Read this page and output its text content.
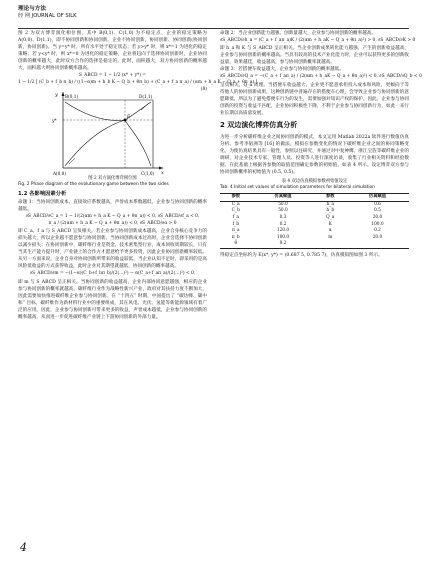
理论与方法
经 网 JOURNAL OF SILK

图 2 为双方博弈演化相位图，其中 B(0,1)、C(1,0) 为不稳定点，企业的稳定策略为 A(0,0)、D(1,1)，即不协同创新和协同创新，企业不协同创新，协同创新、协同创新(协同创新，协同创新)。当 y=y* 时，所有水平处于稳定状态；若 y>y* 时，则 x*=1 为进化的稳定策略；若 y<y* 时，则 x*=0 为进化的稳定策略，企业将趋向于选择协同创新时，企业协同创新的概率越大，此时双方合作的选择是稳定的。此时，面积越大，双方协同创新的概率越大，面积越大则协同创新概率越高。

S_ABCD = 1 − 1/2 (x* + y*) =
1 − 1/2 [ (C_b + f_b π_b) / ((1−α)m + h_b K − Q_b + θπ_b) + (C_a + f_a π_a) / (αm + h_a K − Q_a + θπ_a) ]
(8)
y
x
y*
B(0,1)	D(1,1)
A(0,0)	C(1,0)
E
图 2 双方演化博弈相位图
Fig. 2 Phase diagram of the evolutionary game between the two sides
1.2 各影响因素分析

命题 1：当协同创新成本、直接效应系数越高，声誉成本系数越低，企业参与协同创新的概率越低。

∂S_ABCD/∂C_a = 1 − 1/(2(αm + h_a K − Q_a + θπ_a)) < 0, ∂S_ABCD/∂f_a < 0,
π_a / (2(αm + h_a K − Q_a + θπ_a)) < 0, ∂S_ABCD/∂α > 0

即 C_a、f_a 与 S_ABCD 呈负相关。若企业参与协同创新成本越高，企业自身核心竞争力的损失越大，所以企业越不愿意参与协同创新。当协同创新成本过高时，企业会选择不协同创新以减少损失；在协同创新中，碳纤维行业是资金、技术密集型行业，成本回收周期较长，只有当其生产能力提升时，产业链上的合作方才愿意给予更多投资，因此企业协同创新概率较低。从另一方面来说，企业自身对协同创新所带来的收益较低，当企业认知不足时，即采用的是高风险低收益的方式获得收益，此时企业对其期望就越低，协同创新的概率越高。

∂S_ABCD/∂m = −(1−α)(C_b+f_bπ_b)/(2(...)²) − α(C_a+f_aπ_a)/(2(...)²) < 0,

即 m 与 S_ABCD 呈正相关。当协同创新的收益越高，企业内部协同意愿越强，相应的企业参与协同创新的概率就越高，碳纤维行业作为战略性新兴产业，政府对其扶持力度不断加大，因此需要加快推进碳纤维企业参与协同创新。在 “十四五” 时期，中国提出了 “碳达峰、碳中和” 目标，碳纤维作为新材料行业中的重要组成，其在风电、光伏、氢能等新能源领域有着广泛的应用。因此，企业参与协同创新可带来更多的收益，声誉成本越低，企业参与协同创新的概率越高，从而进一步促进碳纤维产业链上下游协同创新的外部力量。

命题 2：当企业创新能力越强、创新量越大，企业参与协同创新的概率越高。

∂S_ABCD/∂h_a = (C_a + f_aπ_a)K / (2(αm + h_aK − Q_a + θπ_a)²) > 0, ∂S_ABCD/∂K > 0

即 h_a 和 K 与 S_ABCD 呈正相关。当企业创新成果转化能力越强，产生的创新收益越高，企业参与协同创新的概率越高。当具有较高的技术产业化能力时，企业可以获得更多的创新收益量，效果越佳，收益越高，参与协同创新概率就越高。

命题 3：若搭便车收益越大，企业参与协同创新的概率越低。

∂S_ABCD/∂Q_a = −(C_a + f_aπ_a) / (2(αm + h_aK − Q_a + θπ_a)²) < 0, ∂S_ABCD/∂Q_b < 0

呈负相关，Q_a 同理。当搭便车收益越大，企业更不愿意承担投入成本和风险，更倾向于等待他人的协同创新成果，这种创新链中普遍存在的搭便车心理，会导致企业参与协同创新的意愿降低，所以为了避免搭便车行为的发生，需要加强对知识产权的保护。因此，企业参与协同创新的投资与收益不匹配，企业协同积极性下降，不利于企业参与协同创新行为，如此一来行业长期以高质量发展。

2 双边演化博弈仿真分析

为进一步分析碳纤维企业之间协同创新的模式，本文运用 Matlab 2022a 软件进行数值仿真分析。参考李韬洲等 [16] 的做法，模拟在参数变化的情况下碳纤维企业之间的协同策略变化。为使仿真结果具有一般性，参照以往研究，并通过对中复神鹰、浙江宝旌等碳纤维企业的调研，对企业技术专家、管理人员、投资等人进行深度访谈，收集了行业相关资料和经验数据，在此基础上根据各参数的取值范围确定参数的初始值，如表 4 所示。设定博弈双方参与协同创新概率的初始值为 (0.5, 0.5)。

表 4 双边仿真模拟参数初始值设定
Tab. 4 Initial set values of simulation parameters for bilateral simulation
参数	仿真赋值	参数	仿真赋值
C_a	50.0	h_a	0.6
C_b	50.0	h_b	0.5
f_a	0.3	Q_a	20.0
f_b	0.2	K	100.0
π_a	120.0	α	0.2
π_b	100.0	m	20.0
θ	0.2		

得稳定点坐标约为 E(x*, y*) = (0.687 5, 0.785 7)，仿真模拟图如图 3 所示。

4
